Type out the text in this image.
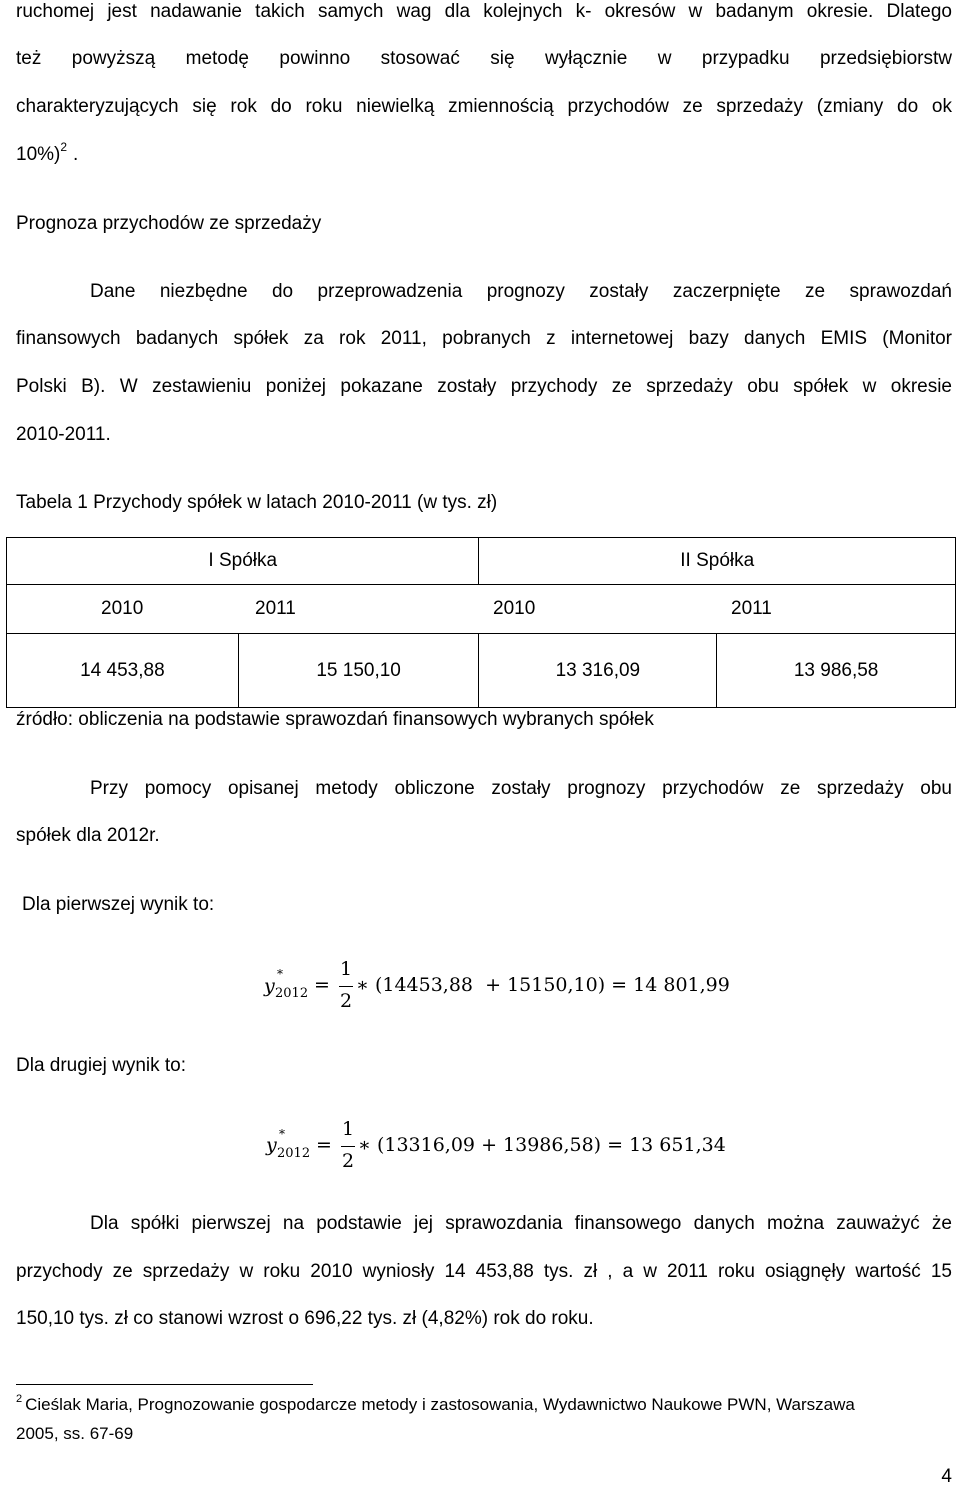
ruchomej jest nadawanie takich samych wag dla kolejnych k- okresów w badanym okresie. Dlatego
też powyższą metodę powinno stosować się wyłącznie w przypadku przedsiębiorstw
charakteryzujących się rok do roku niewielką zmiennością przychodów ze sprzedaży (zmiany do ok
10%)$^2$ .
Prognoza przychodów ze sprzedaży
Dane niezbędne do przeprowadzenia prognozy zostały zaczerpnięte ze sprawozdań
finansowych badanych spółek za rok 2011, pobranych z internetowej bazy danych EMIS (Monitor
Polski B). W zestawieniu poniżej pokazane zostały przychody ze sprzedaży obu spółek w okresie
2010-2011.
Tabela 1 Przychody spółek w latach 2010-2011 (w tys. zł)
I Spółka		II Spółka	
2010 2011 2010 2011			
14 453,88	15 150,10	13 316,09	13 986,58
źródło: obliczenia na podstawie sprawozdań finansowych wybranych spółek
Przy pomocy opisanej metody obliczone zostały prognozy przychodów ze sprzedaży obu
spółek dla 2012r.
Dla pierwszej wynik to:
y
*
2012 =
1
2
∗ (14453,88  + 15150,10) = 14 801,99
Dla drugiej wynik to:
y *
2012 =
1
2
∗ (13316,09 + 13986,58) = 13 651,34
Dla spółki pierwszej na podstawie jej sprawozdania finansowego danych można zauważyć że
przychody ze sprzedaży w roku 2010 wyniosły 14 453,88 tys. zł , a w 2011 roku osiągnęły wartość 15
150,10 tys. zł co stanowi wzrost o 696,22 tys. zł (4,82%) rok do roku.
$^2$ Cieślak Maria, Prognozowanie gospodarcze metody i zastosowania, Wydawnictwo Naukowe PWN, Warszawa
2005, ss. 67-69
4
